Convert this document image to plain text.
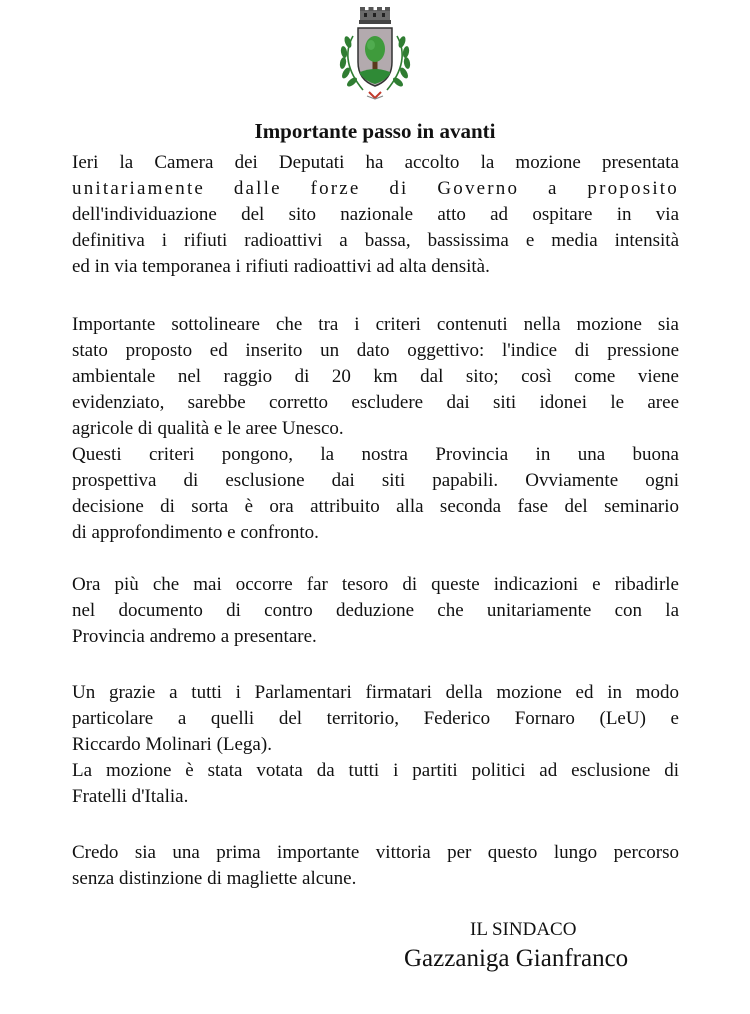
Importante passo in avanti

Ieri la Camera dei Deputati ha accolto la mozione presentata
unitariamente dalle forze di Governo a proposito
dell'individuazione del sito nazionale atto ad ospitare in via
definitiva i rifiuti radioattivi a bassa, bassissima e media intensità
ed in via temporanea i rifiuti radioattivi ad alta densità.

Importante sottolineare che tra i criteri contenuti nella mozione sia
stato proposto ed inserito un dato oggettivo: l'indice di pressione
ambientale nel raggio di 20 km dal sito; così come viene
evidenziato, sarebbe corretto escludere dai siti idonei le aree
agricole di qualità e le aree Unesco.
Questi criteri pongono, la nostra Provincia in una buona
prospettiva di esclusione dai siti papabili. Ovviamente ogni
decisione di sorta è ora attribuito alla seconda fase del seminario
di approfondimento e confronto.

Ora più che mai occorre far tesoro di queste indicazioni e ribadirle
nel documento di contro deduzione che unitariamente con la
Provincia andremo a presentare.

Un grazie a tutti i Parlamentari firmatari della mozione ed in modo
particolare a quelli del territorio, Federico Fornaro (LeU) e
Riccardo Molinari (Lega).
La mozione è stata votata da tutti i partiti politici ad esclusione di
Fratelli d'Italia.

Credo sia una prima importante vittoria per questo lungo percorso
senza distinzione di magliette alcune.

IL SINDACO
Gazzaniga Gianfranco
